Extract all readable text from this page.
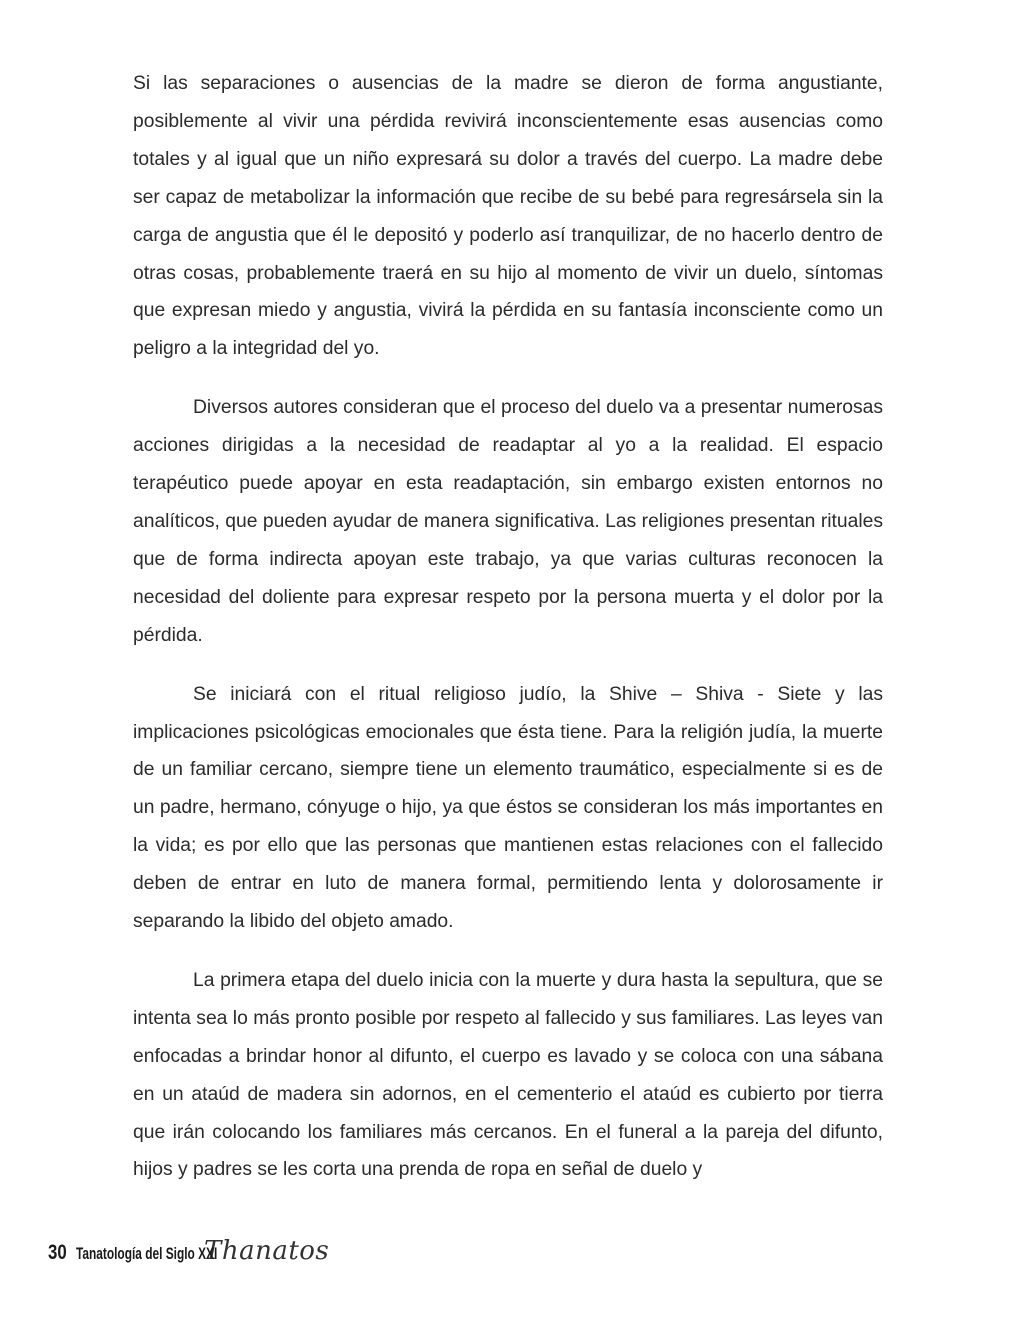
Si las separaciones o ausencias de la madre se dieron de forma angustiante, posiblemente al vivir una pérdida revivirá inconscientemente esas ausencias como totales y al igual que un niño expresará su dolor a través del cuerpo. La madre debe ser capaz de metabolizar la información que recibe de su bebé para regresársela sin la carga de angustia que él le depositó y poderlo así tranquilizar, de no hacerlo dentro de otras cosas, probablemente traerá en su hijo al momento de vivir un duelo, síntomas que expresan miedo y angustia, vivirá la pérdida en su fantasía inconsciente como un peligro a la integridad del yo.

Diversos autores consideran que el proceso del duelo va a presentar numerosas acciones dirigidas a la necesidad de readaptar al yo a la realidad. El espacio terapéutico puede apoyar en esta readaptación, sin embargo existen entornos no analíticos, que pueden ayudar de manera significativa. Las religiones presentan rituales que de forma indirecta apoyan este trabajo, ya que varias culturas reconocen la necesidad del doliente para expresar respeto por la persona muerta y el dolor por la pérdida.

Se iniciará con el ritual religioso judío, la Shive – Shiva - Siete y las implicaciones psicológicas emocionales que ésta tiene. Para la religión judía, la muerte de un familiar cercano, siempre tiene un elemento traumático, especialmente si es de un padre, hermano, cónyuge o hijo, ya que éstos se consideran los más importantes en la vida; es por ello que las personas que mantienen estas relaciones con el fallecido deben de entrar en luto de manera formal, permitiendo lenta y dolorosamente ir separando la libido del objeto amado.

La primera etapa del duelo inicia con la muerte y dura hasta la sepultura, que se intenta sea lo más pronto posible por respeto al fallecido y sus familiares. Las leyes van enfocadas a brindar honor al difunto, el cuerpo es lavado y se coloca con una sábana en un ataúd de madera sin adornos, en el cementerio el ataúd es cubierto por tierra que irán colocando los familiares más cercanos. En el funeral a la pareja del difunto, hijos y padres se les corta una prenda de ropa en señal de duelo y

30 Tanatología del Siglo XXI
Thanatos
